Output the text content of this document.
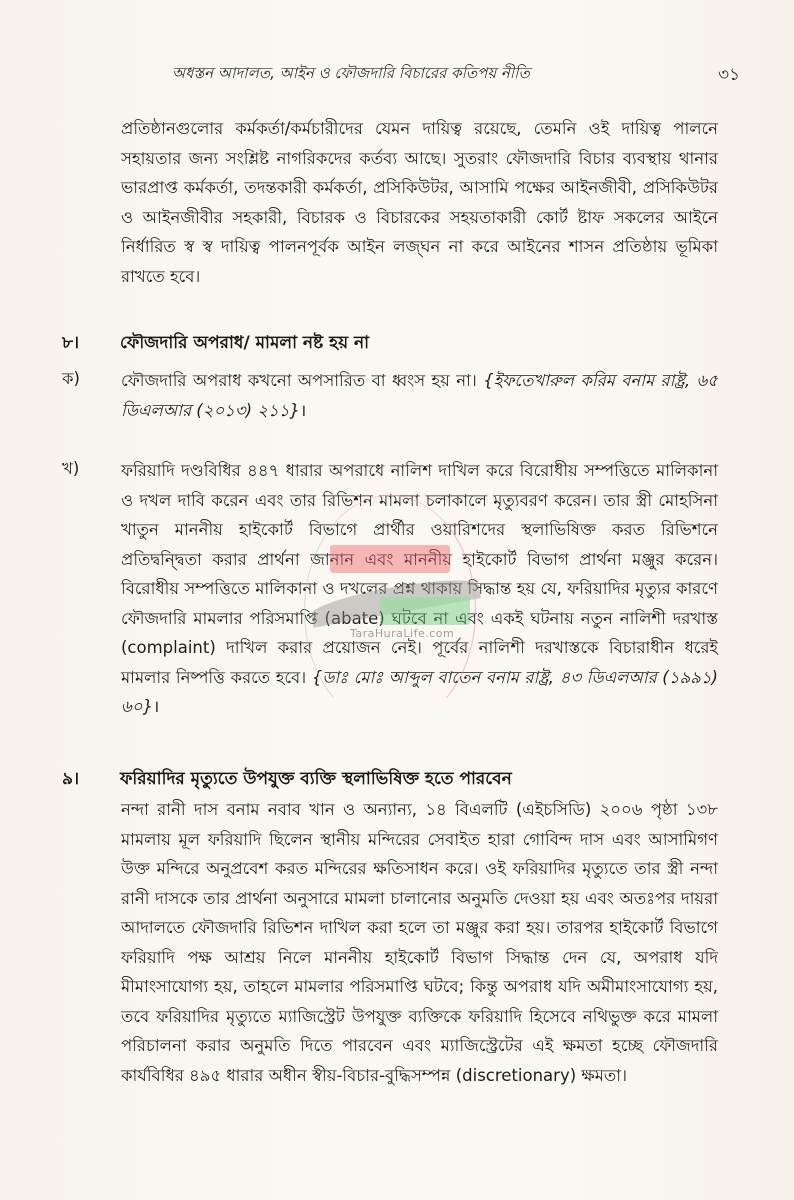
অধস্তন আদালত, আইন ও ফৌজদারি বিচারের কতিপয় নীতি	৩১

প্রতিষ্ঠানগুলোর কর্মকর্তা/কর্মচারীদের যেমন দায়িত্ব রয়েছে, তেমনি ওই দায়িত্ব পালনে সহায়তার জন্য সংশ্লিষ্ট নাগরিকদের কর্তব্য আছে। সুতরাং ফৌজদারি বিচার ব্যবস্থায় থানার ভারপ্রাপ্ত কর্মকর্তা, তদন্তকারী কর্মকর্তা, প্রসিকিউটর, আসামি পক্ষের আইনজীবী, প্রসিকিউটর ও আইনজীবীর সহকারী, বিচারক ও বিচারকের সহয়তাকারী কোর্ট ষ্টাফ সকলের আইনে নির্ধারিত স্ব স্ব দায়িত্ব পালনপূর্বক আইন লজ্ঘন না করে আইনের শাসন প্রতিষ্ঠায় ভূমিকা রাখতে হবে।

৮। ফৌজদারি অপরাধ/ মামলা নষ্ট হয় না
ক) ফৌজদারি অপরাধ কখনো অপসারিত বা ধ্বংস হয় না। {ইফতেখারুল করিম বনাম রাষ্ট্র, ৬৫ ডিএলআর (২০১৩) ২১১}।

খ)	ফরিয়াদি দণ্ডবিধির ৪৪৭ ধারার অপরাধে নালিশ দাখিল করে বিরোধীয় সম্পত্তিতে মালিকানা ও দখল দাবি করেন এবং তার রিভিশন মামলা চলাকালে মৃত্যুবরণ করেন। তার স্ত্রী মোহসিনা খাতুন মাননীয় হাইকোর্ট বিভাগে প্রার্থীর ওয়ারিশদের স্থলাভিষিক্ত করত রিভিশনে প্রতিদ্বন্দ্বিতা করার প্রার্থনা জানান এবং মাননীয় হাইকোর্ট বিভাগ প্রার্থনা মঞ্জুর করেন। বিরোধীয় সম্পত্তিতে মালিকানা ও দখলের প্রশ্ন থাকায় সিদ্ধান্ত হয় যে, ফরিয়াদির মৃত্যুর কারণে ফৌজদারি মামলার পরিসমাপ্তি (abate) ঘটবে না এবং একই ঘটনায় নতুন নালিশী দরখাস্ত (complaint) দাখিল করার প্রয়োজন নেই। পূর্বের নালিশী দরখাস্তকে বিচারাধীন ধরেই মামলার নিষ্পত্তি করতে হবে। {ডাঃ মোঃ আব্দুল বাতেন বনাম রাষ্ট্র, ৪৩ ডিএলআর (১৯৯১) ৬০}।

৯। ফরিয়াদির মৃত্যুতে উপযুক্ত ব্যক্তি স্থলাভিষিক্ত হতে পারবেন

নন্দা রানী দাস বনাম নবাব খান ও অন্যান্য, ১৪ বিএলটি (এইচসিডি) ২০০৬ পৃষ্ঠা ১৩৮ মামলায় মূল ফরিয়াদি ছিলেন স্থানীয় মন্দিরের সেবাইত হারা গোবিন্দ দাস এবং আসামিগণ উক্ত মন্দিরে অনুপ্রবেশ করত মন্দিরের ক্ষতিসাধন করে। ওই ফরিয়াদির মৃত্যুতে তার স্ত্রী নন্দা রানী দাসকে তার প্রার্থনা অনুসারে মামলা চালানোর অনুমতি দেওয়া হয় এবং অতঃপর দায়রা আদালতে ফৌজদারি রিভিশন দাখিল করা হলে তা মঞ্জুর করা হয়। তারপর হাইকোর্ট বিভাগে ফরিয়াদি পক্ষ আশ্রয় নিলে মাননীয় হাইকোর্ট বিভাগ সিদ্ধান্ত দেন যে, অপরাধ যদি মীমাংসাযোগ্য হয়, তাহলে মামলার পরিসমাপ্তি ঘটবে; কিন্তু অপরাধ যদি অমীমাংসাযোগ্য হয়, তবে ফরিয়াদির মৃত্যুতে ম্যাজিস্ট্রেট উপযুক্ত ব্যক্তিকে ফরিয়াদি হিসেবে নথিভুক্ত করে মামলা পরিচালনা করার অনুমতি দিতে পারবেন এবং ম্যাজিস্ট্রেটের এই ক্ষমতা হচ্ছে ফৌজদারি কার্যবিধির ৪৯৫ ধারার অধীন স্বীয়-বিচার-বুদ্ধিসম্পন্ন (discretionary) ক্ষমতা।

TaraHuraLife.com
